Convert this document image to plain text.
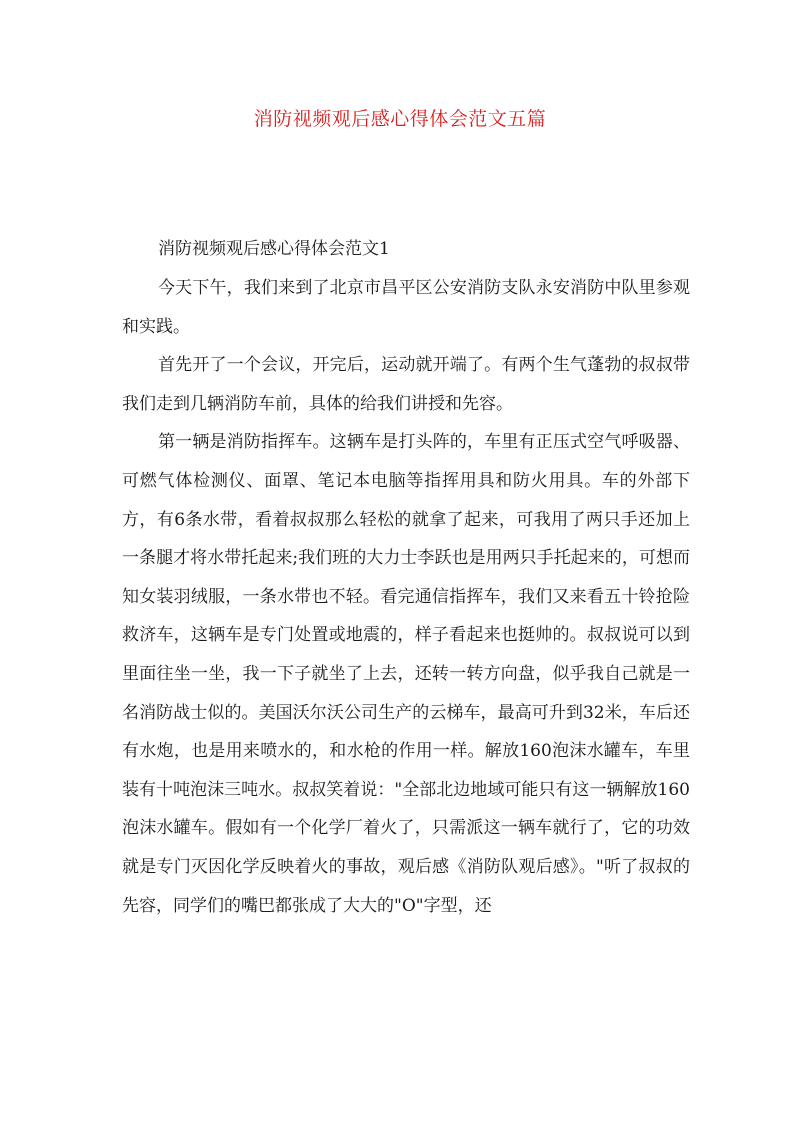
消防视频观后感心得体会范文五篇

消防视频观后感心得体会范文1

今天下午，我们来到了北京市昌平区公安消防支队永安消防中队里参观和实践。

首先开了一个会议，开完后，运动就开端了。有两个生气蓬勃的叔叔带我们走到几辆消防车前，具体的给我们讲授和先容。

第一辆是消防指挥车。这辆车是打头阵的，车里有正压式空气呼吸器、可燃气体检测仪、面罩、笔记本电脑等指挥用具和防火用具。车的外部下方，有6条水带，看着叔叔那么轻松的就拿了起来，可我用了两只手还加上一条腿才将水带托起来;我们班的大力士李跃也是用两只手托起来的，可想而知女装羽绒服，一条水带也不轻。看完通信指挥车，我们又来看五十铃抢险救济车，这辆车是专门处置或地震的，样子看起来也挺帅的。叔叔说可以到里面往坐一坐，我一下子就坐了上去，还转一转方向盘，似乎我自己就是一名消防战士似的。美国沃尔沃公司生产的云梯车，最高可升到32米，车后还有水炮，也是用来喷水的，和水枪的作用一样。解放160泡沫水罐车，车里装有十吨泡沫三吨水。叔叔笑着说："全部北边地域可能只有这一辆解放160泡沫水罐车。假如有一个化学厂着火了，只需派这一辆车就行了，它的功效就是专门灭因化学反映着火的事故，观后感《消防队观后感》。"听了叔叔的先容，同学们的嘴巴都张成了大大的"O"字型，还
